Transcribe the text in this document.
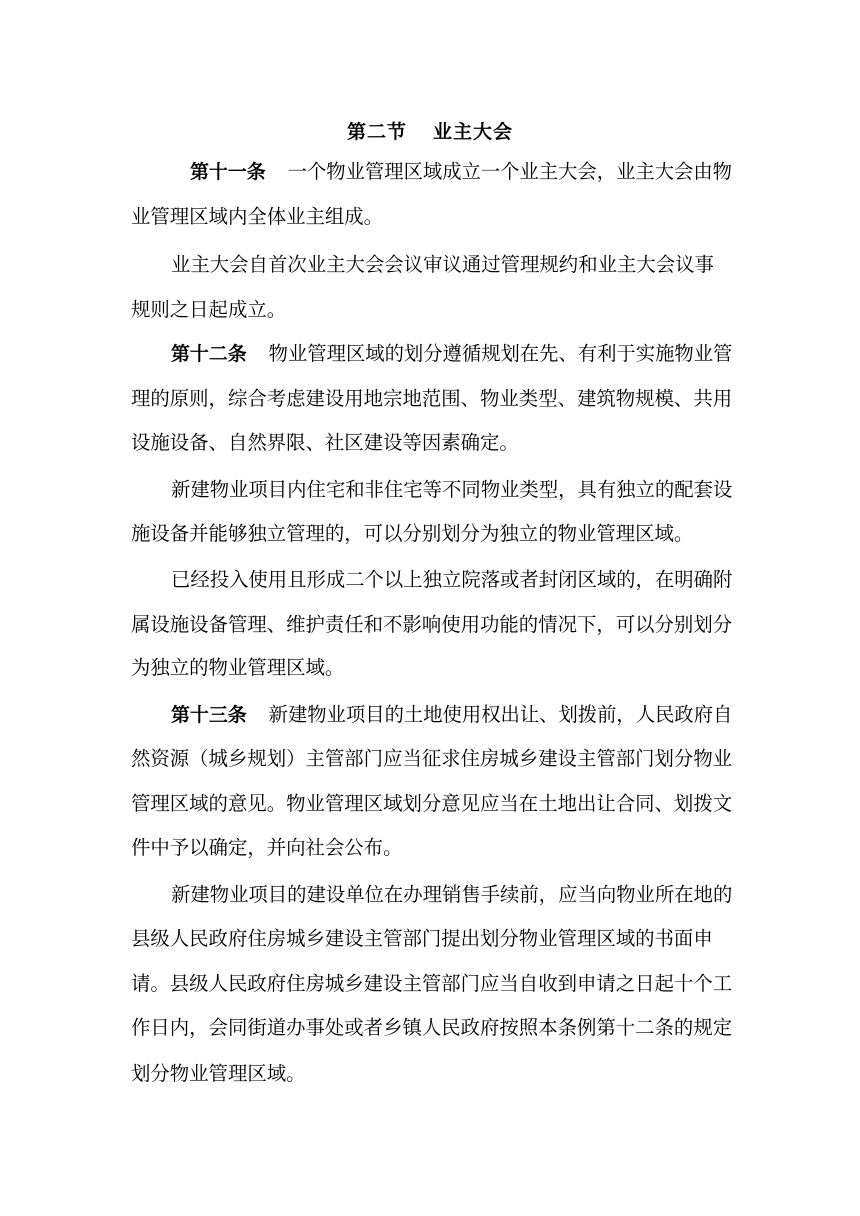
第二节 业主大会
第十一条 一个物业管理区域成立一个业主大会，业主大会由物
业管理区域内全体业主组成。
业主大会自首次业主大会会议审议通过管理规约和业主大会议事
规则之日起成立。
第十二条 物业管理区域的划分遵循规划在先、有利于实施物业管
理的原则，综合考虑建设用地宗地范围、物业类型、建筑物规模、共用
设施设备、自然界限、社区建设等因素确定。
新建物业项目内住宅和非住宅等不同物业类型，具有独立的配套设
施设备并能够独立管理的，可以分别划分为独立的物业管理区域。
已经投入使用且形成二个以上独立院落或者封闭区域的，在明确附
属设施设备管理、维护责任和不影响使用功能的情况下，可以分别划分
为独立的物业管理区域。
第十三条 新建物业项目的土地使用权出让、划拨前，人民政府自
然资源（城乡规划）主管部门应当征求住房城乡建设主管部门划分物业
管理区域的意见。物业管理区域划分意见应当在土地出让合同、划拨文
件中予以确定，并向社会公布。
新建物业项目的建设单位在办理销售手续前，应当向物业所在地的
县级人民政府住房城乡建设主管部门提出划分物业管理区域的书面申
请。县级人民政府住房城乡建设主管部门应当自收到申请之日起十个工
作日内，会同街道办事处或者乡镇人民政府按照本条例第十二条的规定
划分物业管理区域。
